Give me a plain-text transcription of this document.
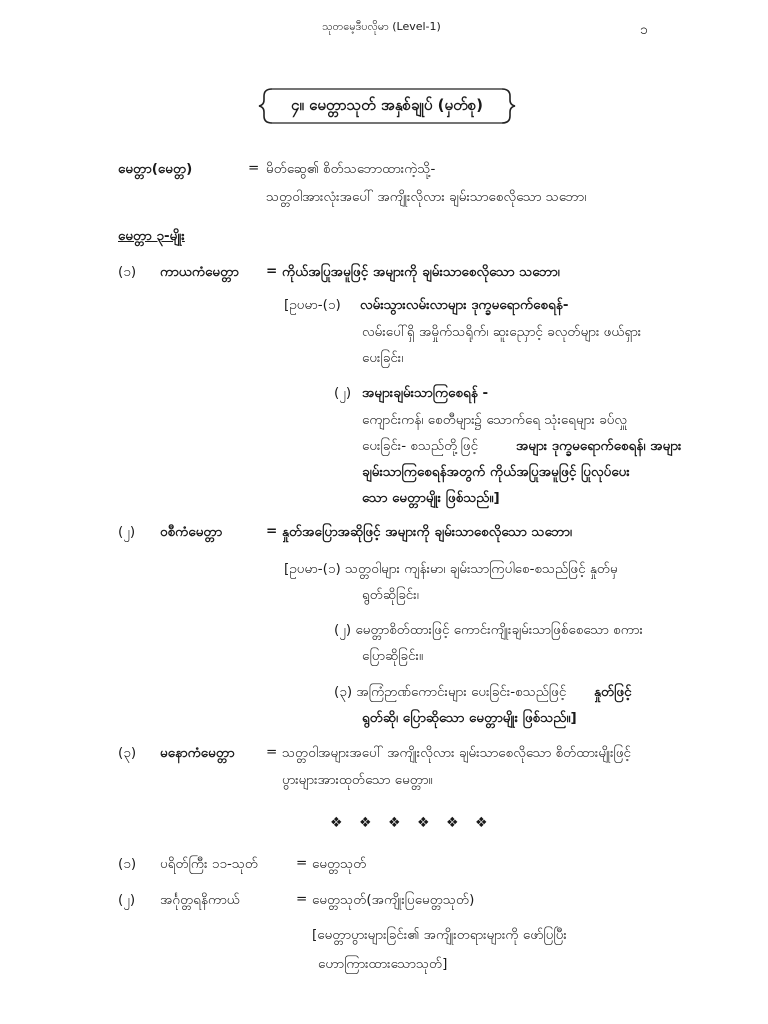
သုတမေ့ဒီပလိုမာ (Level-1)	၁
၄။ မေတ္တာသုတ် အနှစ်ချုပ် (မှတ်စု)
မေတ္တာ(မေတ္တ)	= မိတ်ဆွေ၏ စိတ်သဘောထားကဲ့သို့-
သတ္တဝါအားလုံးအပေါ် အကျိုးလိုလား ချမ်းသာစေလိုသော သဘော၊
မေတ္တာ ၃-မျိုး
(၁) ကာယကံမေတ္တာ = ကိုယ်အပြုအမူဖြင့် အများကို ချမ်းသာစေလိုသော သဘော၊
[ဥပမာ-(၁) လမ်းသွားလမ်းလာများ ဒုက္ခမရောက်စေရန်-
လမ်းပေါ်ရှိ အမှိုက်သရိုက်၊ ဆူးညှောင့် ခလုတ်များ ဖယ်ရှား
ပေးခြင်း၊
(၂) အများချမ်းသာကြစေရန် -
ကျောင်းကန်၊ စေတီများ၌ သောက်ရေ သုံးရေများ ခပ်လှူ
ပေးခြင်း- စသည်တို့ဖြင့်	အများ ဒုက္ခမရောက်စေရန်၊ အများ
ချမ်းသာကြစေရန်အတွက် ကိုယ်အပြုအမူဖြင့် ပြုလုပ်ပေး
သော မေတ္တာမျိုး ဖြစ်သည်။]
(၂) ဝစီကံမေတ္တာ	= နှုတ်အပြောအဆိုဖြင့် အများကို ချမ်းသာစေလိုသော သဘော၊
[ဥပမာ-(၁) သတ္တဝါများ ကျန်းမာ၊ ချမ်းသာကြပါစေ-စသည်ဖြင့် နှုတ်မှ
ရွတ်ဆိုခြင်း၊
(၂) မေတ္တာစိတ်ထားဖြင့် ကောင်းကျိုးချမ်းသာဖြစ်စေသော စကား
ပြောဆိုခြင်း။
(၃) အကြံဉာဏ်ကောင်းများ ပေးခြင်း-စသည်ဖြင့် နှုတ်ဖြင့်
ရွတ်ဆို၊ ပြောဆိုသော မေတ္တာမျိုး ဖြစ်သည်။]
(၃) မနောကံမေတ္တာ = သတ္တဝါအများအပေါ် အကျိုးလိုလား ချမ်းသာစေလိုသော စိတ်ထားမျိုးဖြင့်
ပွားများအားထုတ်သော မေတ္တာ။
❖ ❖ ❖ ❖ ❖ ❖
(၁) ပရိတ်ကြီး ၁၁-သုတ်	= မေတ္တသုတ်
(၂) အင်္ဂုတ္တရနိကာယ်	= မေတ္တသုတ်(အကျိုးပြမေတ္တသုတ်)
[မေတ္တာပွားများခြင်း၏ အကျိုးတရားများကို ဖော်ပြပြီး
ဟောကြားထားသောသုတ်]
